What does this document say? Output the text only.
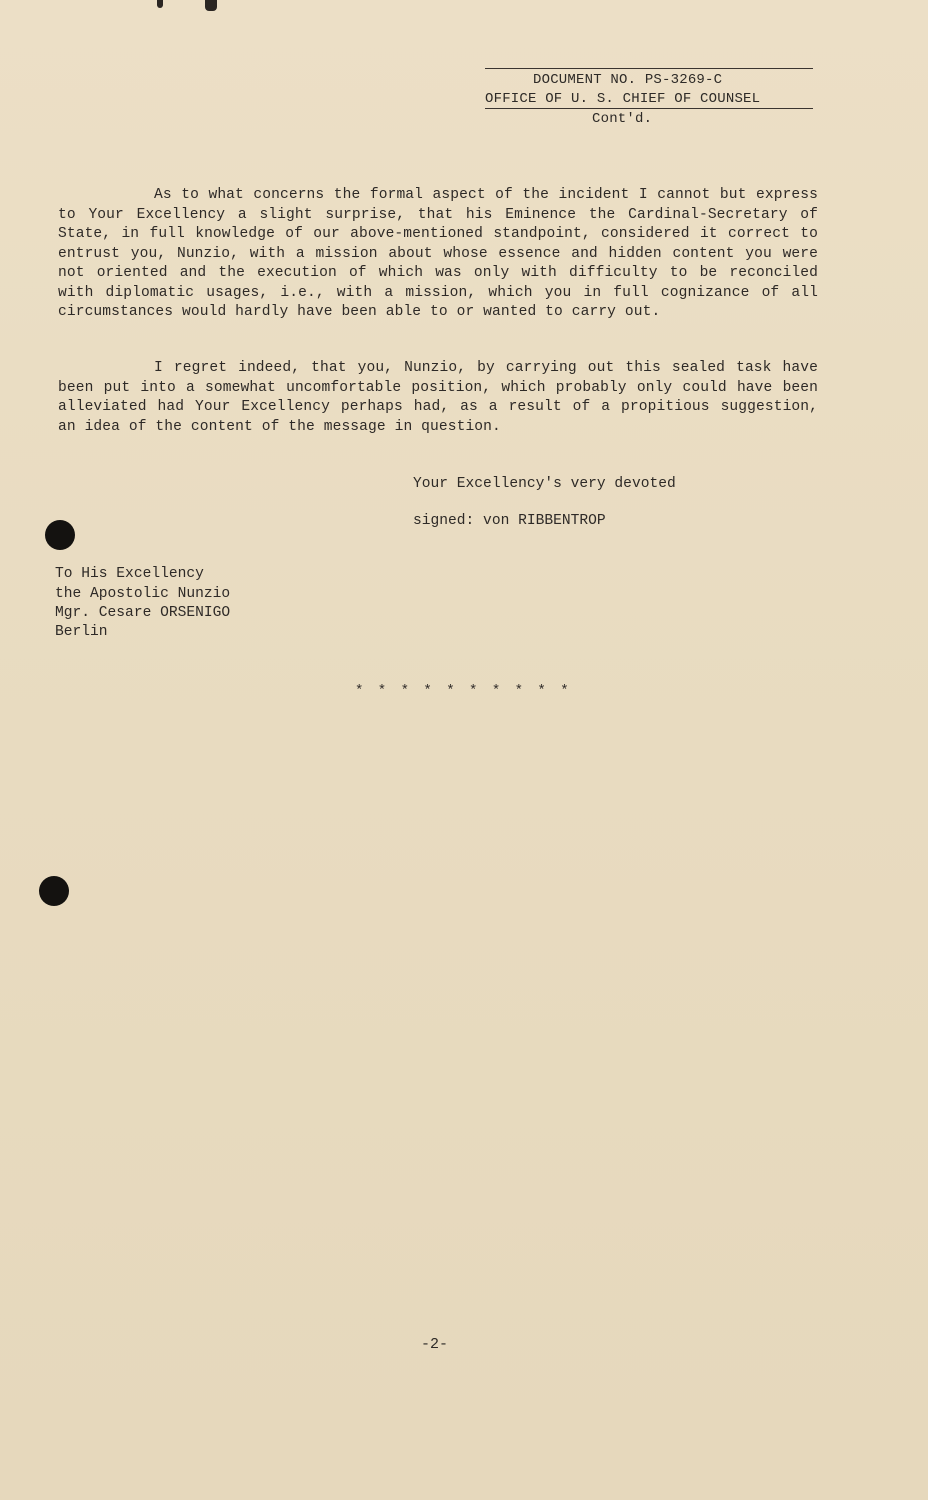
DOCUMENT NO. PS-3269-C
OFFICE OF U. S. CHIEF OF COUNSEL
Cont'd.

As to what concerns the formal aspect of the incident I cannot but express to Your Excellency a slight surprise, that his Eminence the Cardinal-Secretary of State, in full knowledge of our above-mentioned standpoint, considered it correct to entrust you, Nunzio, with a mission about whose essence and hidden content you were not oriented and the execution of which was only with difficulty to be reconciled with diplomatic usages, i.e., with a mission, which you in full cognizance of all circumstances would hardly have been able to or wanted to carry out.

I regret indeed, that you, Nunzio, by carrying out this sealed task have been put into a somewhat uncomfortable position, which probably only could have been alleviated had Your Excellency perhaps had, as a result of a propitious suggestion, an idea of the content of the message in question.

Your Excellency's very devoted
signed: von RIBBENTROP
To His Excellency
the Apostolic Nunzio
Mgr. Cesare ORSENIGO
Berlin
* * * * * * * * * *
-2-
